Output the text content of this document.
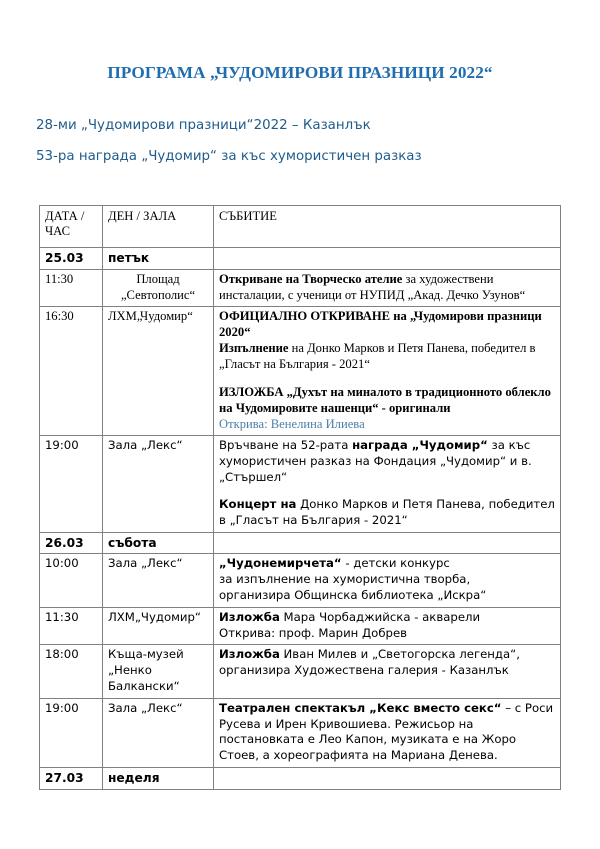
ПРОГРАМА „ЧУДОМИРОВИ ПРАЗНИЦИ 2022“
28-ми „Чудомирови празници“2022 – Казанлък
53-ра награда „Чудомир“ за къс хумористичен разказ
ДАТА / ЧАС	ДЕН / ЗАЛА	СЪБИТИЕ
25.03	петък	
11:30	Площад „Севтополис“	Откриване на Творческо ателие за художествени инсталации, с ученици от НУПИД „Акад. Дечко Узунов“
16:30	ЛХМ„Чудомир“	ОФИЦИАЛНО ОТКРИВАНЕ на „Чудомирови празници 2020“
Изпълнение на Донко Марков и Петя Панева, победител в „Гласът на България - 2021“
ИЗЛОЖБА „Духът на миналото в традиционното облекло на Чудомировите нашенци“ - оригинали
Открива: Венелина Илиева

19:00	Зала „Лекс“	Връчване на 52-рата награда „Чудомир“ за къс хумористичен разказ на Фондация „Чудомир“ и в.„Стършел“
Концерт на Донко Марков и Петя Панева, победител в „Гласът на България - 2021“

26.03	събота	
10:00	Зала „Лекс“	„Чудонемирчета“ - детски конкурс
за изпълнение на хумористична творба,
организира Общинска библиотека „Искра“

11:30	ЛХМ„Чудомир“	Изложба Мара Чорбаджийска - акварели
Открива: проф. Марин Добрев

18:00	Къща-музей „Ненко Балкански“	Изложба Иван Милев и „Светогорска легенда“, организира Художествена галерия - Казанлък
19:00	Зала „Лекс“	Театрален спектакъл „Кекс вместо секс“ – с Роси Русева и Ирен Кривошиева. Режисьор на постановката е Лео Капон, музиката е на Жоро Стоев, а хореографията на Мариана Денева.
27.03	неделя	
